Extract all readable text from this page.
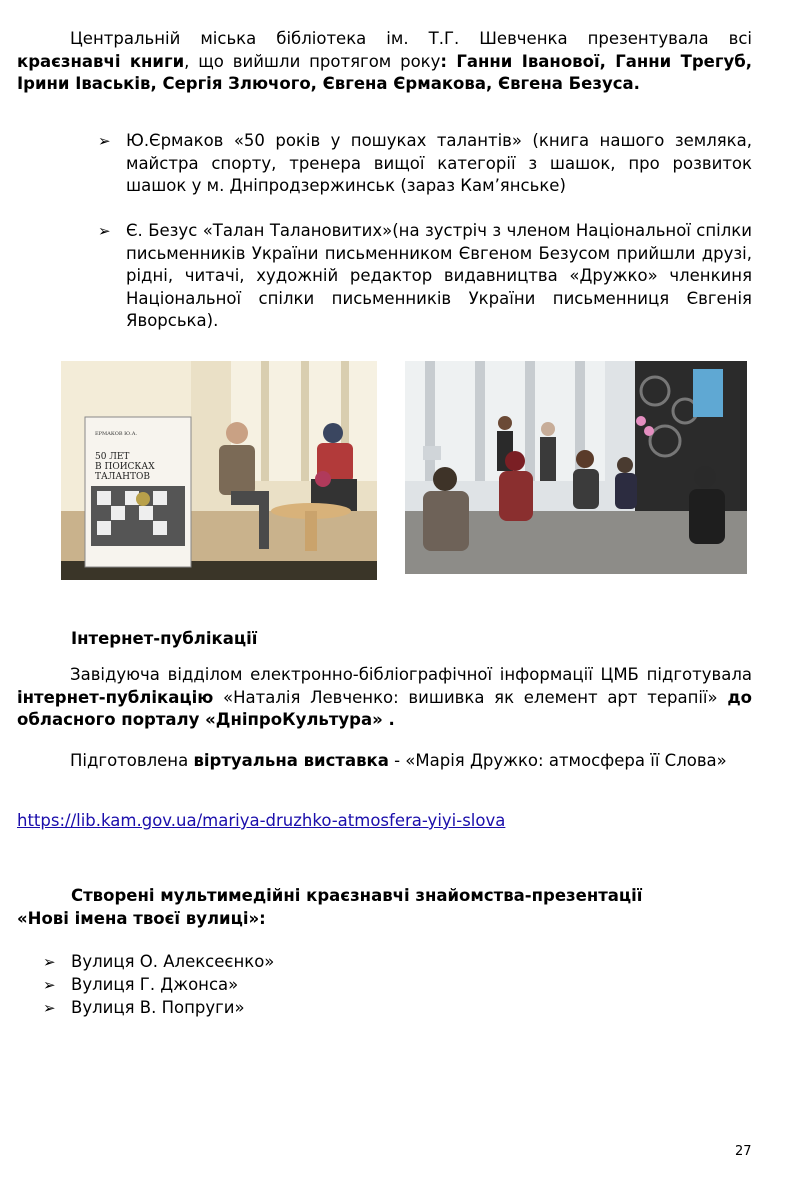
Центральній міська бібліотека ім. Т.Г. Шевченка презентувала всі краєзнавчі книги, що вийшли протягом року: Ганни Іванової, Ганни Трегуб, Ірини Іваськів, Сергія Злючого, Євгена Єрмакова, Євгена Безуса.

➢ Ю.Єрмаков «50 років у пошуках талантів» (книга нашого земляка, майстра спорту, тренера вищої категорії з шашок, про розвиток шашок у м. Дніпродзержинськ (зараз Кам’янське)

➢ Є. Безус «Талан Талановитих»(на зустріч з членом Національної спілки письменників України письменником Євгеном Безусом прийшли друзі, рідні, читачі, художній редактор видавництва «Дружко» членкиня Національної спілки письменників України письменниця Євгенія Яворська).

ЕРМАКОВ Ю.А.
50 ЛЕТ
В ПОИСКАХ
ТАЛАНТОВ

Інтернет-публікації

Завідуюча відділом електронно-бібліографічної інформації ЦМБ підготувала інтернет-публікацію «Наталія Левченко: вишивка як елемент арт терапії» до обласного порталу «ДніпроКультура» .

Підготовлена віртуальна виставка - «Марія Дружко: атмосфера її Слова»

https://lib.kam.gov.ua/mariya-druzhko-atmosfera-yiyi-slova

Створені мультимедійні краєзнавчі знайомства-презентації

«Нові імена твоєї вулиці»:

➢ Вулиця О. Алексеєнко»

➢ Вулиця Г. Джонса»

➢ Вулиця В. Попруги»

27
